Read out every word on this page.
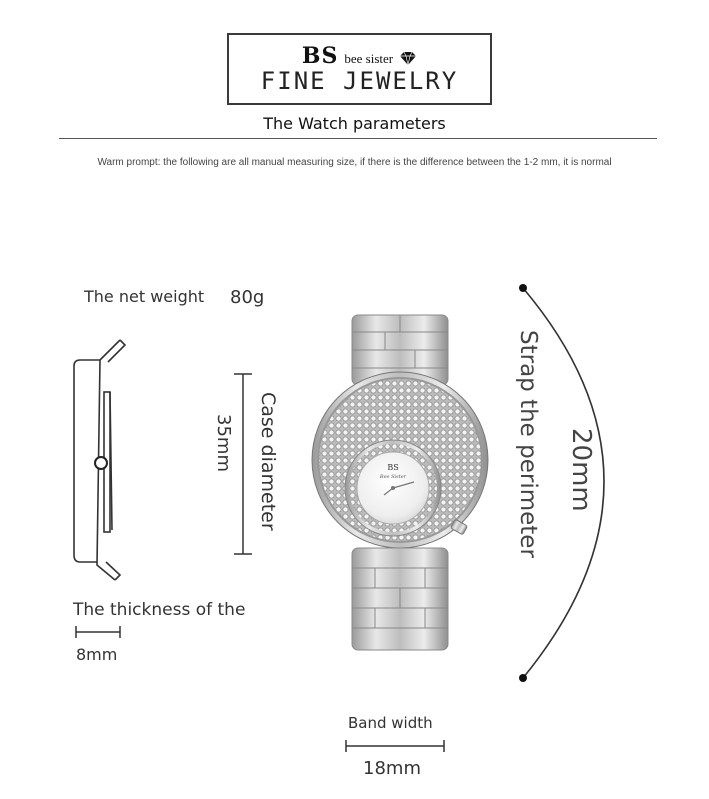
BS bee sister
FINE JEWELRY
The Watch parameters
Warm prompt: the following are all manual measuring size, if there is the difference between the 1-2 mm, it is normal
The net weight 80g
The thickness of the
8mm
35mm Case diameter	BS
Bee Sister	Strap the perimeter 20mm
Band width
18mm
